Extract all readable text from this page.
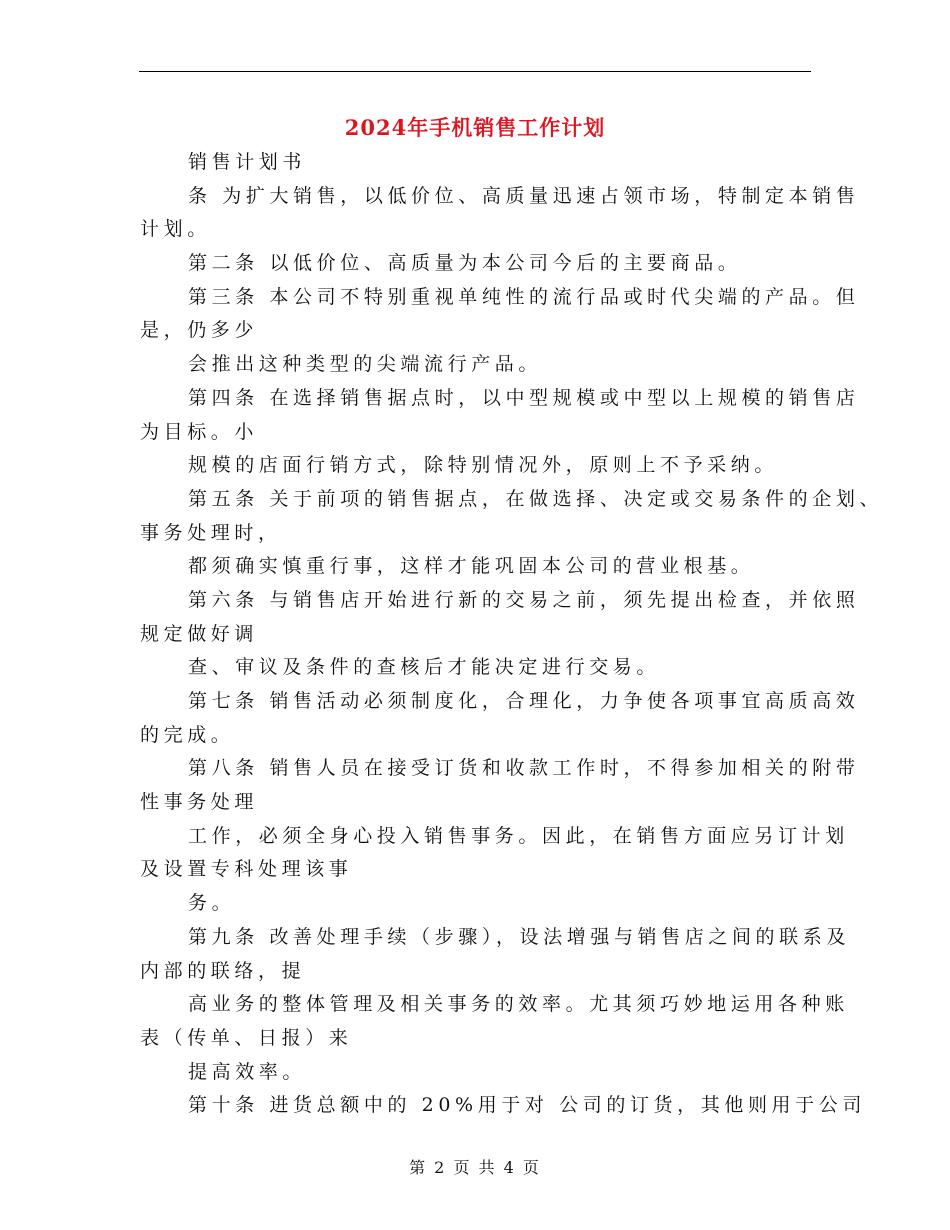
2024年手机销售工作计划
销售计划书
条 为扩大销售，以低价位、高质量迅速占领市场，特制定本销售
计划。
第二条 以低价位、高质量为本公司今后的主要商品。
第三条 本公司不特别重视单纯性的流行品或时代尖端的产品。但
是，仍多少
会推出这种类型的尖端流行产品。
第四条 在选择销售据点时，以中型规模或中型以上规模的销售店
为目标。小
规模的店面行销方式，除特别情况外，原则上不予采纳。
第五条 关于前项的销售据点，在做选择、决定或交易条件的企划、
事务处理时，
都须确实慎重行事，这样才能巩固本公司的营业根基。
第六条 与销售店开始进行新的交易之前，须先提出检查，并依照
规定做好调
查、审议及条件的查核后才能决定进行交易。
第七条 销售活动必须制度化，合理化，力争使各项事宜高质高效
的完成。
第八条 销售人员在接受订货和收款工作时，不得参加相关的附带
性事务处理
工作，必须全身心投入销售事务。因此，在销售方面应另订计划
及设置专科处理该事
务。
第九条 改善处理手续（步骤），设法增强与销售店之间的联系及
内部的联络，提
高业务的整体管理及相关事务的效率。尤其须巧妙地运用各种账
表（传单、日报）来
提高效率。
第十条 进货总额中的 20%用于对 公司的订货，其他则用于公司
第 2 页 共 4 页
